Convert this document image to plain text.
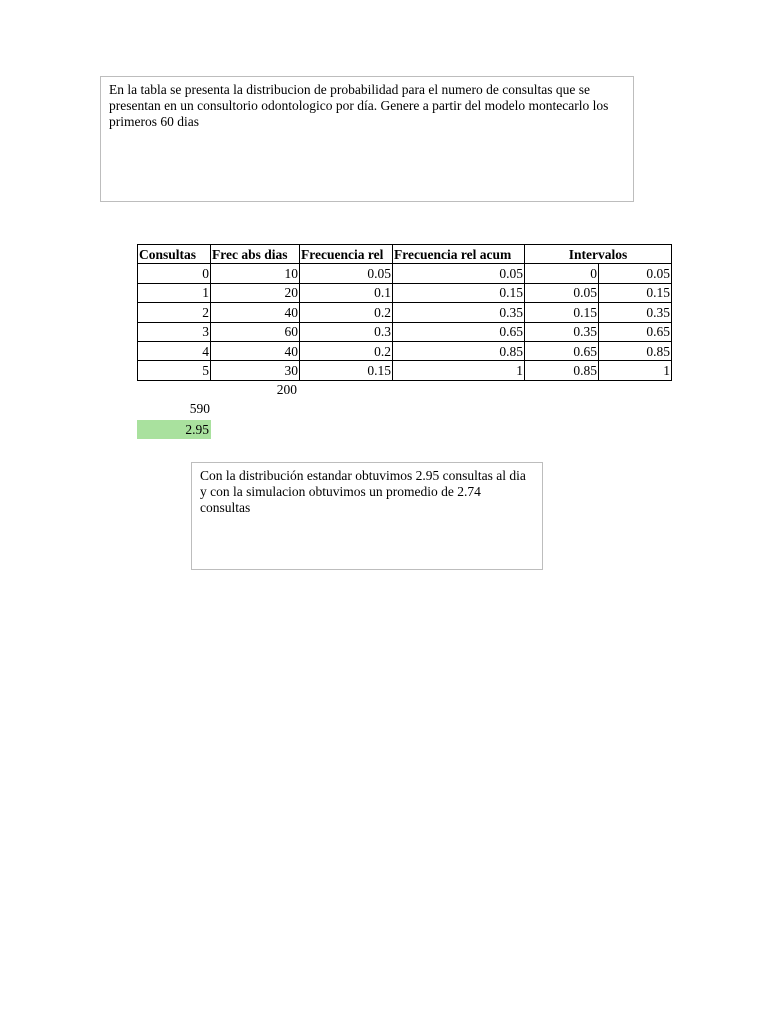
En la tabla se presenta la distribucion de probabilidad para el numero de consultas que se presentan en un consultorio odontologico por día. Genere a partir del modelo montecarlo los primeros 60 dias
Consultas	Frec abs dias	Frecuencia rel	Frecuencia rel acum	Intervalos	
0	10	0.05	0.05	0	0.05
1	20	0.1	0.15	0.05	0.15
2	40	0.2	0.35	0.15	0.35
3	60	0.3	0.65	0.35	0.65
4	40	0.2	0.85	0.65	0.85
5	30	0.15	1	0.85	1
200
590
2.95
Con la distribución estandar obtuvimos 2.95 consultas al dia y con la simulacion obtuvimos un promedio de 2.74 consultas
